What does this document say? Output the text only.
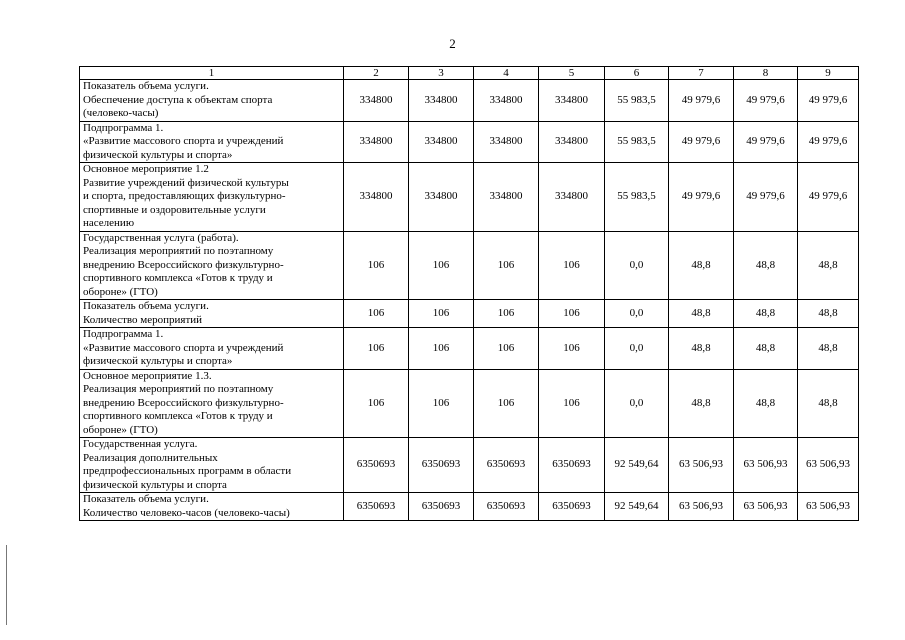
2
1	2	3	4	5	6	7	8	9

Показатель объема услуги.
Обеспечение доступа к объектам спорта
(человеко-часы)	334800	334800	334800	334800	55 983,5	49 979,6	49 979,6	49 979,6

Подпрограмма 1.
«Развитие массового спорта и учреждений
физической культуры и спорта»	334800	334800	334800	334800	55 983,5	49 979,6	49 979,6	49 979,6

Основное мероприятие 1.2
Развитие учреждений физической культуры
и спорта, предоставляющих физкультурно-
спортивные и оздоровительные услуги
населению	334800	334800	334800	334800	55 983,5	49 979,6	49 979,6	49 979,6

Государственная услуга (работа).
Реализация мероприятий по поэтапному
внедрению Всероссийского физкультурно-
спортивного комплекса «Готов к труду и
обороне» (ГТО)	106	106	106	106	0,0	48,8	48,8	48,8

Показатель объема услуги.
Количество мероприятий	106	106	106	106	0,0	48,8	48,8	48,8

Подпрограмма 1.
«Развитие массового спорта и учреждений
физической культуры и спорта»	106	106	106	106	0,0	48,8	48,8	48,8

Основное мероприятие 1.3.
Реализация мероприятий по поэтапному
внедрению Всероссийского физкультурно-
спортивного комплекса «Готов к труду и
обороне» (ГТО)	106	106	106	106	0,0	48,8	48,8	48,8

Государственная услуга.
Реализация дополнительных
предпрофессиональных программ в области
физической культуры и спорта	6350693	6350693	6350693	6350693	92 549,64	63 506,93	63 506,93	63 506,93

Показатель объема услуги.
Количество человеко-часов (человеко-часы)	6350693	6350693	6350693	6350693	92 549,64	63 506,93	63 506,93	63 506,93
